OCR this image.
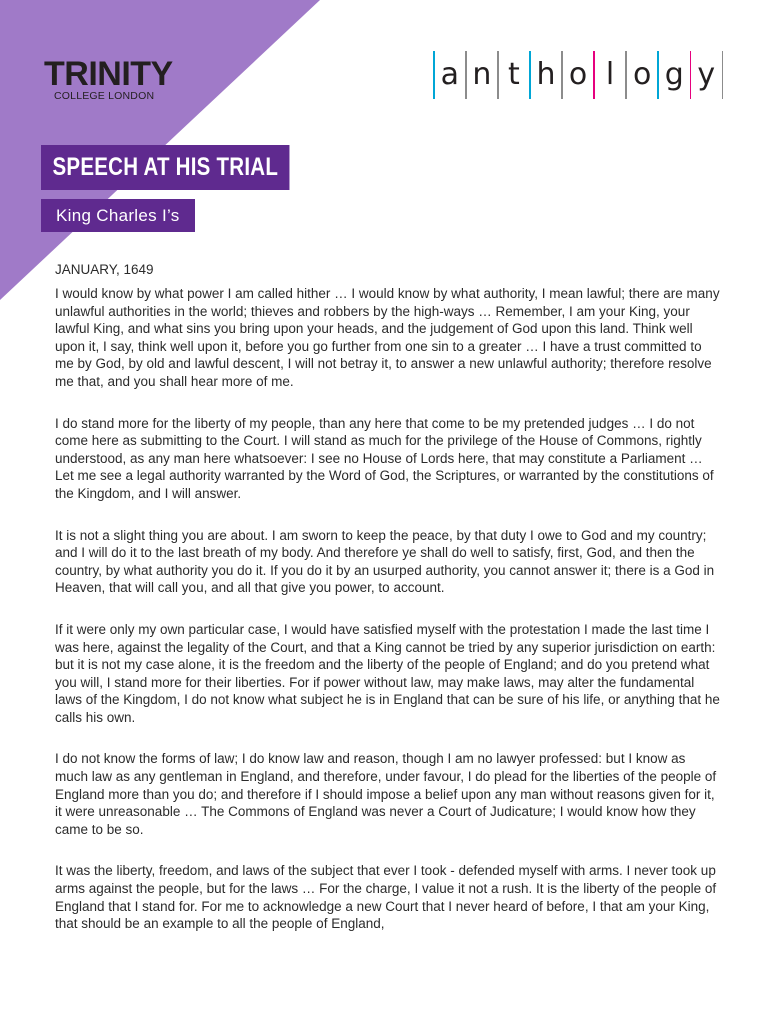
TRINITY
COLLEGE LONDON
a n t h o l o g y
SPEECH AT HIS TRIAL
King Charles I’s
JANUARY, 1649

I would know by what power I am called hither … I would know by what authority, I mean lawful; there are many unlawful authorities in the world; thieves and robbers by the high-ways … Remember, I am your King, your lawful King, and what sins you bring upon your heads, and the judgement of God upon this land. Think well upon it, I say, think well upon it, before you go further from one sin to a greater … I have a trust committed to me by God, by old and lawful descent, I will not betray it, to answer a new unlawful authority; therefore resolve me that, and you shall hear more of me.

I do stand more for the liberty of my people, than any here that come to be my pretended judges … I do not come here as submitting to the Court. I will stand as much for the privilege of the House of Commons, rightly understood, as any man here whatsoever: I see no House of Lords here, that may constitute a Parliament … Let me see a legal authority warranted by the Word of God, the Scriptures, or warranted by the constitutions of the Kingdom, and I will answer.

It is not a slight thing you are about. I am sworn to keep the peace, by that duty I owe to God and my country; and I will do it to the last breath of my body. And therefore ye shall do well to satisfy, first, God, and then the country, by what authority you do it. If you do it by an usurped authority, you cannot answer it; there is a God in Heaven, that will call you, and all that give you power, to account.

If it were only my own particular case, I would have satisfied myself with the protestation I made the last time I was here, against the legality of the Court, and that a King cannot be tried by any superior jurisdiction on earth: but it is not my case alone, it is the freedom and the liberty of the people of England; and do you pretend what you will, I stand more for their liberties. For if power without law, may make laws, may alter the fundamental laws of the Kingdom, I do not know what subject he is in England that can be sure of his life, or anything that he calls his own.

I do not know the forms of law; I do know law and reason, though I am no lawyer professed: but I know as much law as any gentleman in England, and therefore, under favour, I do plead for the liberties of the people of England more than you do; and therefore if I should impose a belief upon any man without reasons given for it, it were unreasonable … The Commons of England was never a Court of Judicature; I would know how they came to be so.

It was the liberty, freedom, and laws of the subject that ever I took - defended myself with arms. I never took up arms against the people, but for the laws … For the charge, I value it not a rush. It is the liberty of the people of England that I stand for. For me to acknowledge a new Court that I never heard of before, I that am your King, that should be an example to all the people of England,
